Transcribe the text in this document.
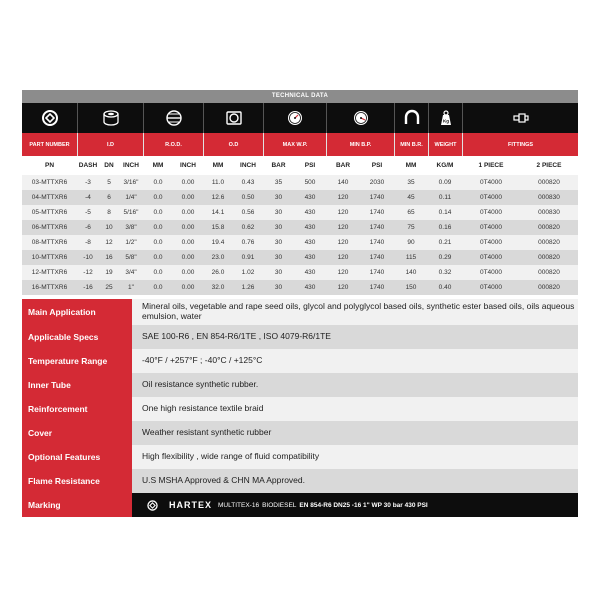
TECHNICAL DATA
Kg
PART NUMBER	I.D	R.O.D.	O.D	MAX W.P.	MIN B.P.	MIN B.R.	WEIGHT	FITTINGS
PN	DASH	DN	INCH	MM	INCH	MM	INCH	BAR	PSI	BAR	PSI	MM	KG/M	1 PIECE	2 PIECE
03-MTTXR6	-3	5	3/16"	0.0	0.00	11.0	0.43	35	500	140	2030	35	0.09	0T4000	000820
04-MTTXR6	-4	6	1/4"	0.0	0.00	12.6	0.50	30	430	120	1740	45	0.11	0T4000	000830
05-MTTXR6	-5	8	5/16"	0.0	0.00	14.1	0.56	30	430	120	1740	65	0.14	0T4000	000830
06-MTTXR6	-6	10	3/8"	0.0	0.00	15.8	0.62	30	430	120	1740	75	0.16	0T4000	000820
08-MTTXR6	-8	12	1/2"	0.0	0.00	19.4	0.76	30	430	120	1740	90	0.21	0T4000	000820
10-MTTXR6	-10	16	5/8"	0.0	0.00	23.0	0.91	30	430	120	1740	115	0.29	0T4000	000820
12-MTTXR6	-12	19	3/4"	0.0	0.00	26.0	1.02	30	430	120	1740	140	0.32	0T4000	000820
16-MTTXR6	-16	25	1"	0.0	0.00	32.0	1.26	30	430	120	1740	150	0.40	0T4000	000820
Main Application
Mineral oils, vegetable and rape seed oils, glycol and polyglycol based oils, synthetic ester based oils, oils aqueous emulsion, water
Applicable Specs	SAE 100-R6 , EN 854-R6/1TE , ISO 4079-R6/1TE
Temperature Range	-40°F / +257°F ; -40°C / +125°C
Inner Tube	Oil resistance synthetic rubber.
Reinforcement	One high resistance textile braid
Cover	Weather resistant synthetic rubber
Optional Features	High flexibility , wide range of fluid compatibility
Flame Resistance	U.S MSHA Approved & CHN MA Approved.
Marking	HARTEX MULTITEX-16 BIODIESEL EN 854-R6 DN25 -16 1" WP 30 bar 430 PSI
